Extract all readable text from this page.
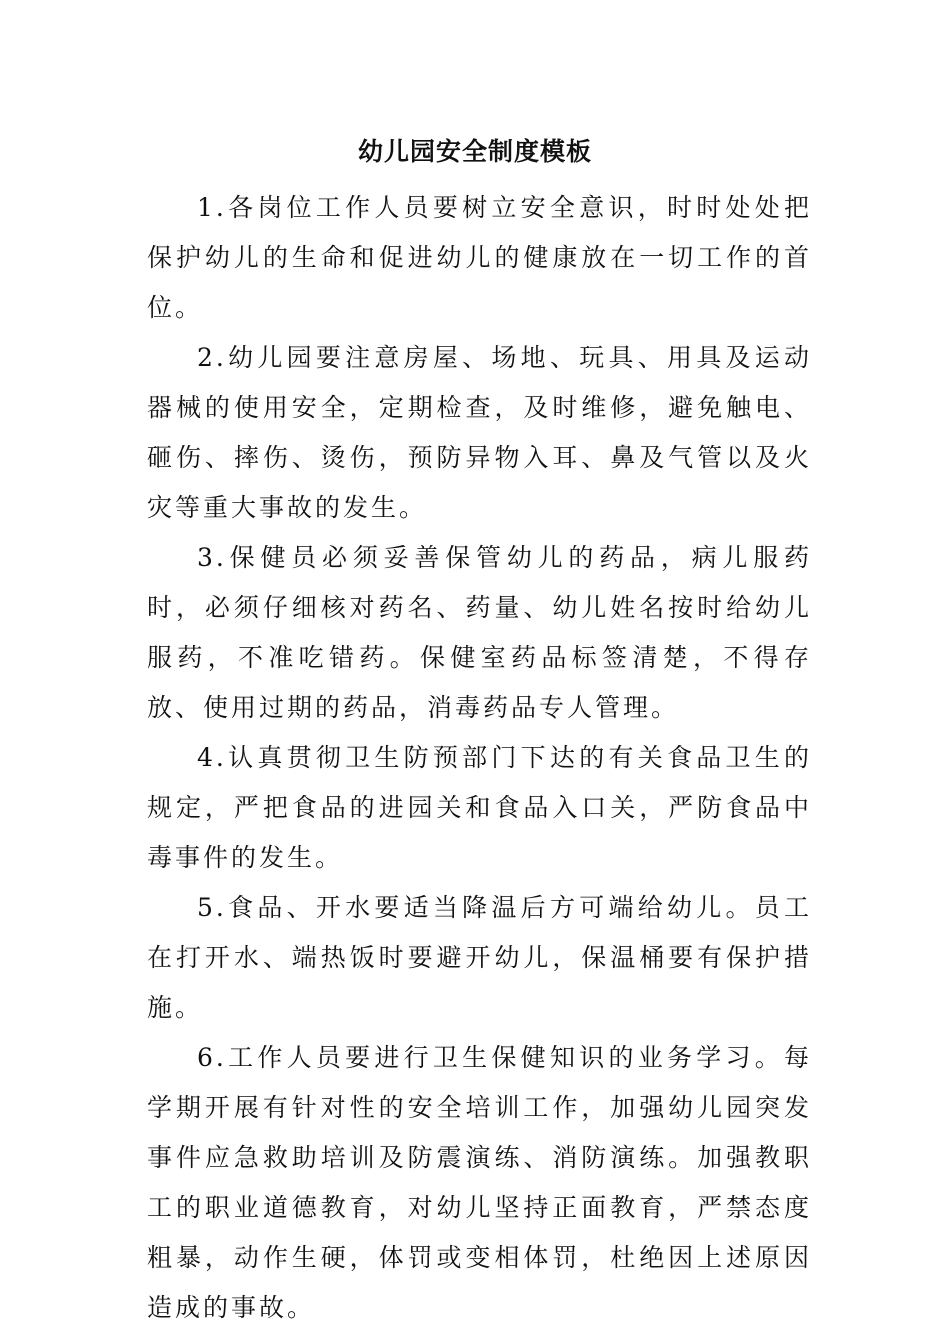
幼儿园安全制度模板

1.各岗位工作人员要树立安全意识，时时处处把保护幼儿的生命和促进幼儿的健康放在一切工作的首位。

2.幼儿园要注意房屋、场地、玩具、用具及运动器械的使用安全，定期检查，及时维修，避免触电、砸伤、摔伤、烫伤，预防异物入耳、鼻及气管以及火灾等重大事故的发生。

3.保健员必须妥善保管幼儿的药品，病儿服药时，必须仔细核对药名、药量、幼儿姓名按时给幼儿服药，不准吃错药。保健室药品标签清楚，不得存放、使用过期的药品，消毒药品专人管理。

4.认真贯彻卫生防预部门下达的有关食品卫生的规定，严把食品的进园关和食品入口关，严防食品中毒事件的发生。

5.食品、开水要适当降温后方可端给幼儿。员工在打开水、端热饭时要避开幼儿，保温桶要有保护措施。

6.工作人员要进行卫生保健知识的业务学习。每学期开展有针对性的安全培训工作，加强幼儿园突发事件应急救助培训及防震演练、消防演练。加强教职工的职业道德教育，对幼儿坚持正面教育，严禁态度粗暴，动作生硬，体罚或变相体罚，杜绝因上述原因造成的事故。
